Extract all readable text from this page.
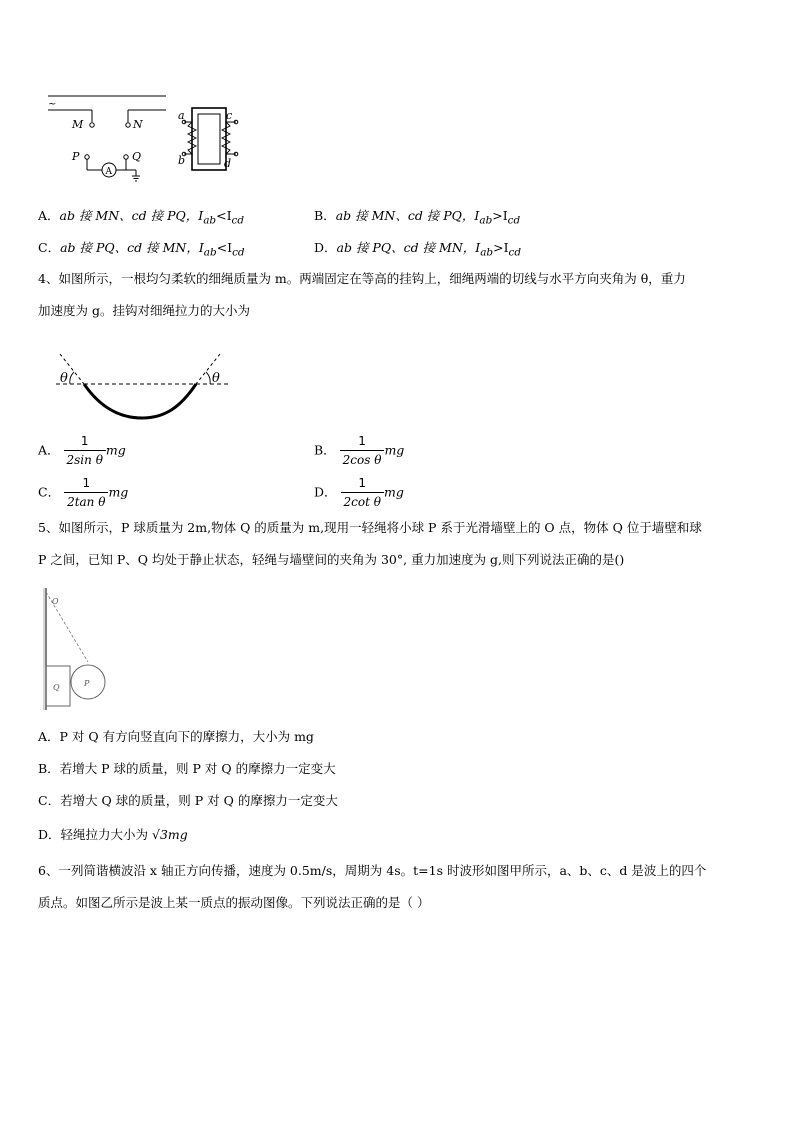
~
M	N
P
A
Q
a
b
c
d
A．ab 接 MN、cd 接 PQ，$I_{ab}<I_{cd}$	B．ab 接 MN、cd 接 PQ，$I_{ab}>I_{cd}$
C．ab 接 PQ、cd 接 MN，$I_{ab}<I_{cd}$	D．ab 接 PQ、cd 接 MN，$I_{ab}>I_{cd}$
4、如图所示，一根均匀柔软的细绳质量为 m。两端固定在等高的挂钩上，细绳两端的切线与水平方向夹角为 θ，重力
加速度为 g。挂钩对细绳拉力的大小为
θ	θ
A． $\frac{1}{\text{2sin θ}}$ mg	B． $\frac{1}{\text{2cos θ}}$ mg
C． $\frac{1}{\text{2tan θ}}$ mg	D． $\frac{1}{\text{2cot θ}}$ mg
5、如图所示，P 球质量为 2m,物体 Q 的质量为 m,现用一轻绳将小球 P 系于光滑墙壁上的 O 点，物体 Q 位于墙壁和球
P 之间，已知 P、Q 均处于静止状态，轻绳与墙壁间的夹角为 30°, 重力加速度为 g,则下列说法正确的是()
O
Q	P
A．P 对 Q 有方向竖直向下的摩擦力，大小为 mg
B．若增大 P 球的质量，则 P 对 Q 的摩擦力一定变大
C．若增大 Q 球的质量，则 P 对 Q 的摩擦力一定变大
D．轻绳拉力大小为 √3mg
6、一列简谐横波沿 x 轴正方向传播，速度为 0.5m/s，周期为 4s。t=1s 时波形如图甲所示，a、b、c、d 是波上的四个
质点。如图乙所示是波上某一质点的振动图像。下列说法正确的是（ ）
